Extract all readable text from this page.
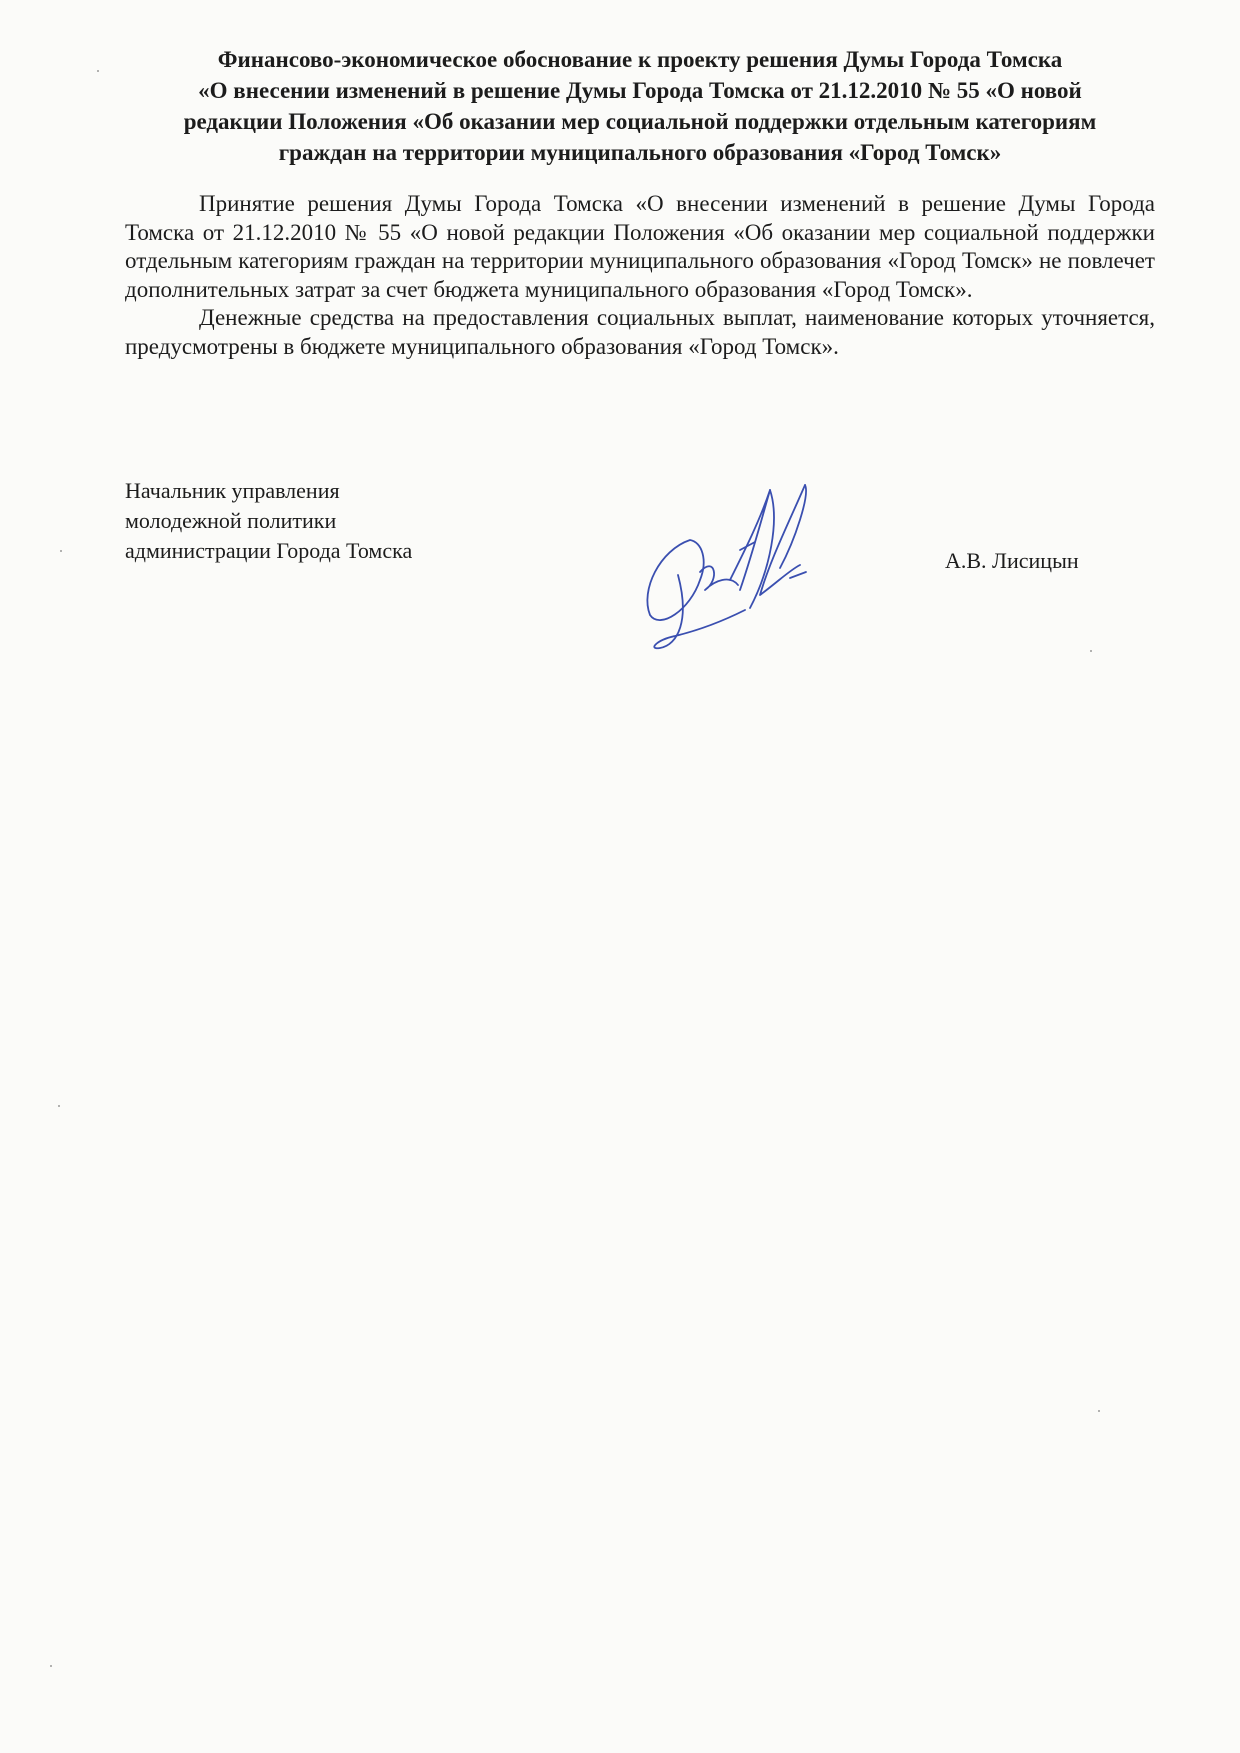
Финансово-экономическое обоснование к проекту решения Думы Города Томска
«О внесении изменений в решение Думы Города Томска от 21.12.2010 № 55 «О новой
редакции Положения «Об оказании мер социальной поддержки отдельным категориям
граждан на территории муниципального образования «Город Томск»

Принятие решения Думы Города Томска «О внесении изменений в решение Думы Города Томска от 21.12.2010 № 55 «О новой редакции Положения «Об оказании мер социальной поддержки отдельным категориям граждан на территории муниципального образования «Город Томск» не повлечет дополнительных затрат за счет бюджета муниципального образования «Город Томск».

Денежные средства на предоставления социальных выплат, наименование которых уточняется, предусмотрены в бюджете муниципального образования «Город Томск».

Начальник управления
молодежной политики
администрации Города Томска	А.В. Лисицын
